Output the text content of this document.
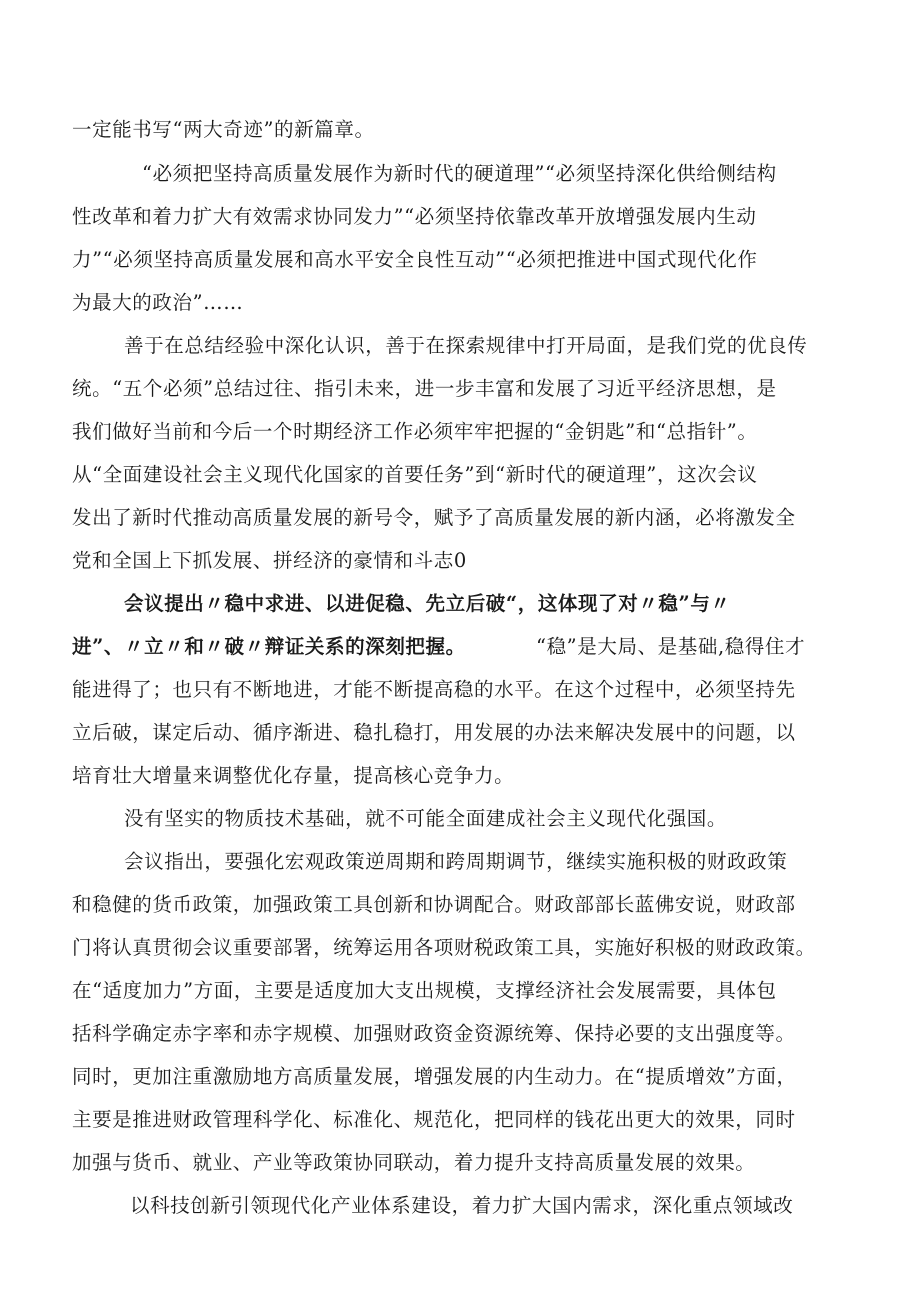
一定能书写“两大奇迹”的新篇章。
“必须把坚持高质量发展作为新时代的硬道理”“必须坚持深化供给侧结构
性改革和着力扩大有效需求协同发力”“必须坚持依靠改革开放增强发展内生动
力”“必须坚持高质量发展和高水平安全良性互动”“必须把推进中国式现代化作
为最大的政治”……
善于在总结经验中深化认识，善于在探索规律中打开局面，是我们党的优良传
统。“五个必须”总结过往、指引未来，进一步丰富和发展了习近平经济思想，是
我们做好当前和今后一个时期经济工作必须牢牢把握的“金钥匙”和“总指针”。
从“全面建设社会主义现代化国家的首要任务”到“新时代的硬道理”，这次会议
发出了新时代推动高质量发展的新号令，赋予了高质量发展的新内涵，必将激发全
党和全国上下抓发展、拼经济的豪情和斗志0
会议提出〃稳中求进、以进促稳、先立后破“，这体现了对〃稳”与〃
进”、〃立〃和〃破〃辩证关系的深刻把握。	“稳”是大局、是基础,稳得住才
能进得了；也只有不断地进，才能不断提高稳的水平。在这个过程中，必须坚持先
立后破，谋定后动、循序渐进、稳扎稳打，用发展的办法来解决发展中的问题，以
培育壮大增量来调整优化存量，提高核心竞争力。
没有坚实的物质技术基础，就不可能全面建成社会主义现代化强国。
会议指出，要强化宏观政策逆周期和跨周期调节，继续实施积极的财政政策
和稳健的货币政策，加强政策工具创新和协调配合。财政部部长蓝佛安说，财政部
门将认真贯彻会议重要部署，统筹运用各项财税政策工具，实施好积极的财政政策。
在“适度加力”方面，主要是适度加大支出规模，支撑经济社会发展需要，具体包
括科学确定赤字率和赤字规模、加强财政资金资源统筹、保持必要的支出强度等。
同时，更加注重激励地方高质量发展，增强发展的内生动力。在“提质增效”方面，
主要是推进财政管理科学化、标准化、规范化，把同样的钱花出更大的效果，同时
加强与货币、就业、产业等政策协同联动，着力提升支持高质量发展的效果。
以科技创新引领现代化产业体系建设，着力扩大国内需求，深化重点领域改
